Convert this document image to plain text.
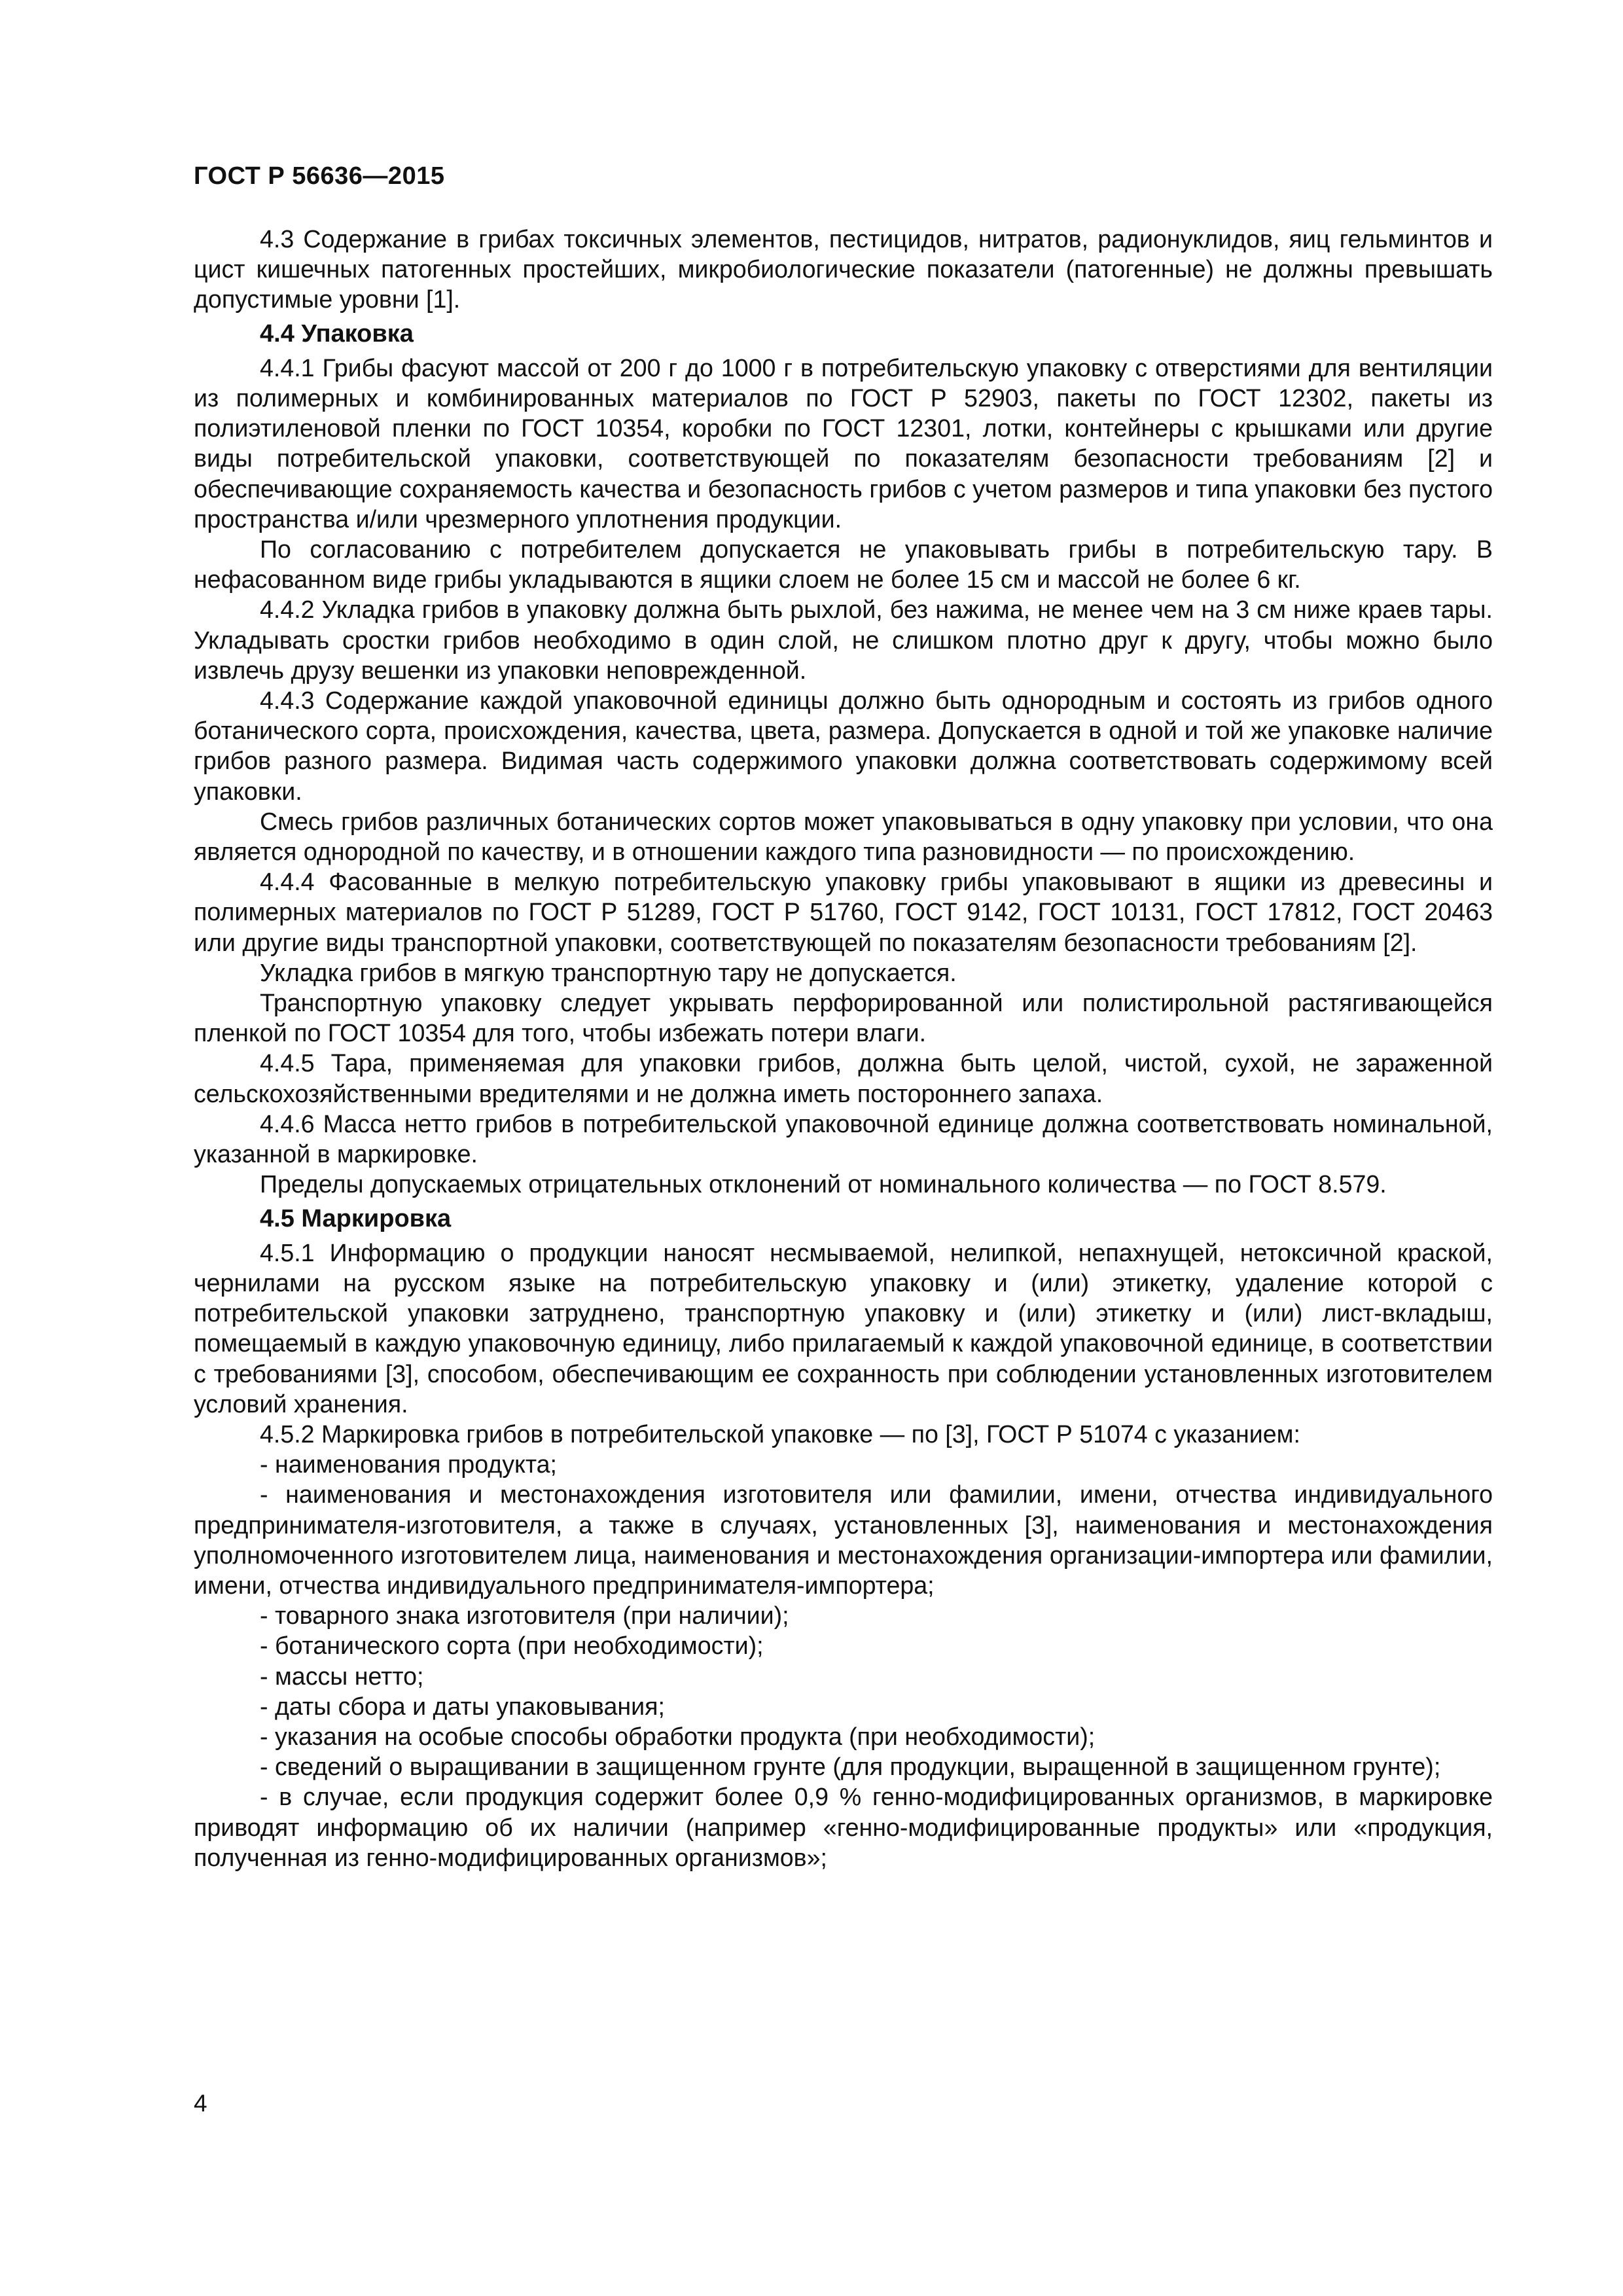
ГОСТ Р 56636—2015

4.3 Содержание в грибах токсичных элементов, пестицидов, нитратов, радионуклидов, яиц гельминтов и цист кишечных патогенных простейших, микробиологические показатели (патогенные) не должны превышать допустимые уровни [1].

4.4 Упаковка

4.4.1 Грибы фасуют массой от 200 г до 1000 г в потребительскую упаковку с отверстиями для вентиляции из полимерных и комбинированных материалов по ГОСТ Р 52903, пакеты по ГОСТ 12302, пакеты из полиэтиленовой пленки по ГОСТ 10354, коробки по ГОСТ 12301, лотки, контейнеры с крышками или другие виды потребительской упаковки, соответствующей по показателям безопасности требованиям [2] и обеспечивающие сохраняемость качества и безопасность грибов с учетом размеров и типа упаковки без пустого пространства и/или чрезмерного уплотнения продукции.

По согласованию с потребителем допускается не упаковывать грибы в потребительскую тару. В нефасованном виде грибы укладываются в ящики слоем не более 15 см и массой не более 6 кг.

4.4.2 Укладка грибов в упаковку должна быть рыхлой, без нажима, не менее чем на 3 см ниже краев тары. Укладывать сростки грибов необходимо в один слой, не слишком плотно друг к другу, чтобы можно было извлечь друзу вешенки из упаковки неповрежденной.

4.4.3 Содержание каждой упаковочной единицы должно быть однородным и состоять из грибов одного ботанического сорта, происхождения, качества, цвета, размера. Допускается в одной и той же упаковке наличие грибов разного размера. Видимая часть содержимого упаковки должна соответствовать содержимому всей упаковки.

Смесь грибов различных ботанических сортов может упаковываться в одну упаковку при условии, что она является однородной по качеству, и в отношении каждого типа разновидности — по происхождению.

4.4.4 Фасованные в мелкую потребительскую упаковку грибы упаковывают в ящики из древесины и полимерных материалов по ГОСТ Р 51289, ГОСТ Р 51760, ГОСТ 9142, ГОСТ 10131, ГОСТ 17812, ГОСТ 20463 или другие виды транспортной упаковки, соответствующей по показателям безопасности требованиям [2].

Укладка грибов в мягкую транспортную тару не допускается.

Транспортную упаковку следует укрывать перфорированной или полистирольной растягивающейся пленкой по ГОСТ 10354 для того, чтобы избежать потери влаги.

4.4.5 Тара, применяемая для упаковки грибов, должна быть целой, чистой, сухой, не зараженной сельскохозяйственными вредителями и не должна иметь постороннего запаха.

4.4.6 Масса нетто грибов в потребительской упаковочной единице должна соответствовать номинальной, указанной в маркировке.

Пределы допускаемых отрицательных отклонений от номинального количества — по ГОСТ 8.579.

4.5 Маркировка

4.5.1 Информацию о продукции наносят несмываемой, нелипкой, непахнущей, нетоксичной краской, чернилами на русском языке на потребительскую упаковку и (или) этикетку, удаление которой с потребительской упаковки затруднено, транспортную упаковку и (или) этикетку и (или) лист-вкладыш, помещаемый в каждую упаковочную единицу, либо прилагаемый к каждой упаковочной единице, в соответствии с требованиями [3], способом, обеспечивающим ее сохранность при соблюдении установленных изготовителем условий хранения.

4.5.2 Маркировка грибов в потребительской упаковке — по [3], ГОСТ Р 51074 с указанием:

- наименования продукта;

- наименования и местонахождения изготовителя или фамилии, имени, отчества индивидуального предпринимателя-изготовителя, а также в случаях, установленных [3], наименования и местонахождения уполномоченного изготовителем лица, наименования и местонахождения организации-импортера или фамилии, имени, отчества индивидуального предпринимателя-импортера;

- товарного знака изготовителя (при наличии);

- ботанического сорта (при необходимости);

- массы нетто;

- даты сбора и даты упаковывания;

- указания на особые способы обработки продукта (при необходимости);

- сведений о выращивании в защищенном грунте (для продукции, выращенной в защищенном грунте);

- в случае, если продукция содержит более 0,9 % генно-модифицированных организмов, в маркировке приводят информацию об их наличии (например «генно-модифицированные продукты» или «продукция, полученная из генно-модифицированных организмов»;

4
